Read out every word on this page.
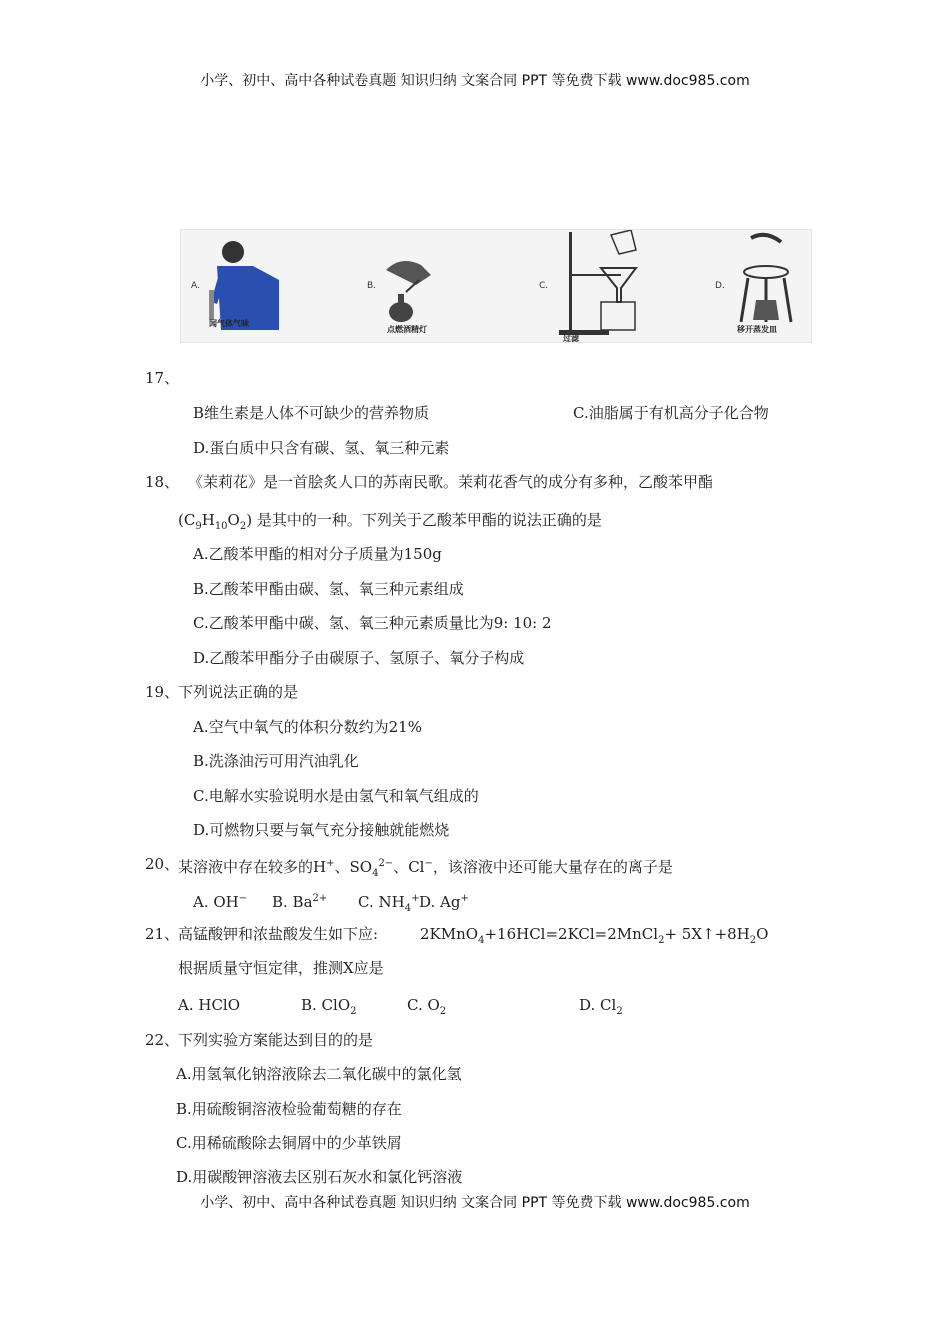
小学、初中、高中各种试卷真题 知识归纳 文案合同 PPT 等免费下载 www.doc985.com
A.
闻气体气味
B.
点燃酒精灯
C.
过滤
D.
移开蒸发皿
17、
B维生素是人体不可缺少的营养物质	C.油脂属于有机高分子化合物
D.蛋白质中只含有碳、氢、氧三种元素
18、 《茉莉花》是一首脍炙人口的苏南民歌。茉莉花香气的成分有多种，乙酸苯甲酯
$(C_9H_{10}O_2)$ 是其中的一种。下列关于乙酸苯甲酯的说法正确的是
A.乙酸苯甲酯的相对分子质量为150g
B.乙酸苯甲酯由碳、氢、氧三种元素组成
C.乙酸苯甲酯中碳、氢、氧三种元素质量比为9: 10: 2
D.乙酸苯甲酯分子由碳原子、氢原子、氧分子构成
19、
下列说法正确的是
A.空气中氧气的体积分数约为21%
B.洗涤油污可用汽油乳化
C.电解水实验说明水是由氢气和氧气组成的
D.可燃物只要与氧气充分接触就能燃烧
20、
某溶液中存在较多的H+、$SO_4^{2-}$、Cl−，该溶液中还可能大量存在的离子是
A. OH− B. $Ba^{2+}$ C. $NH_4^+$ D. Ag+
21、
高锰酸钾和浓盐酸发生如下应:	2KMnO$_4$+16HCl=2KCl=2MnCl$_2$+ $5X↑+8H_2O$
根据质量守恒定律，推测X应是
A. HClO	B. ClO$_2$	C. $O_2$	D. $Cl_2$
22、
下列实验方案能达到目的的是
A.用氢氧化钠溶液除去二氧化碳中的氯化氢
B.用硫酸铜溶液检验葡萄糖的存在
C.用稀硫酸除去铜屑中的少革铁屑
D.用碳酸钾溶液去区别石灰水和氯化钙溶液
小学、初中、高中各种试卷真题 知识归纳 文案合同 PPT 等免费下载 www.doc985.com
